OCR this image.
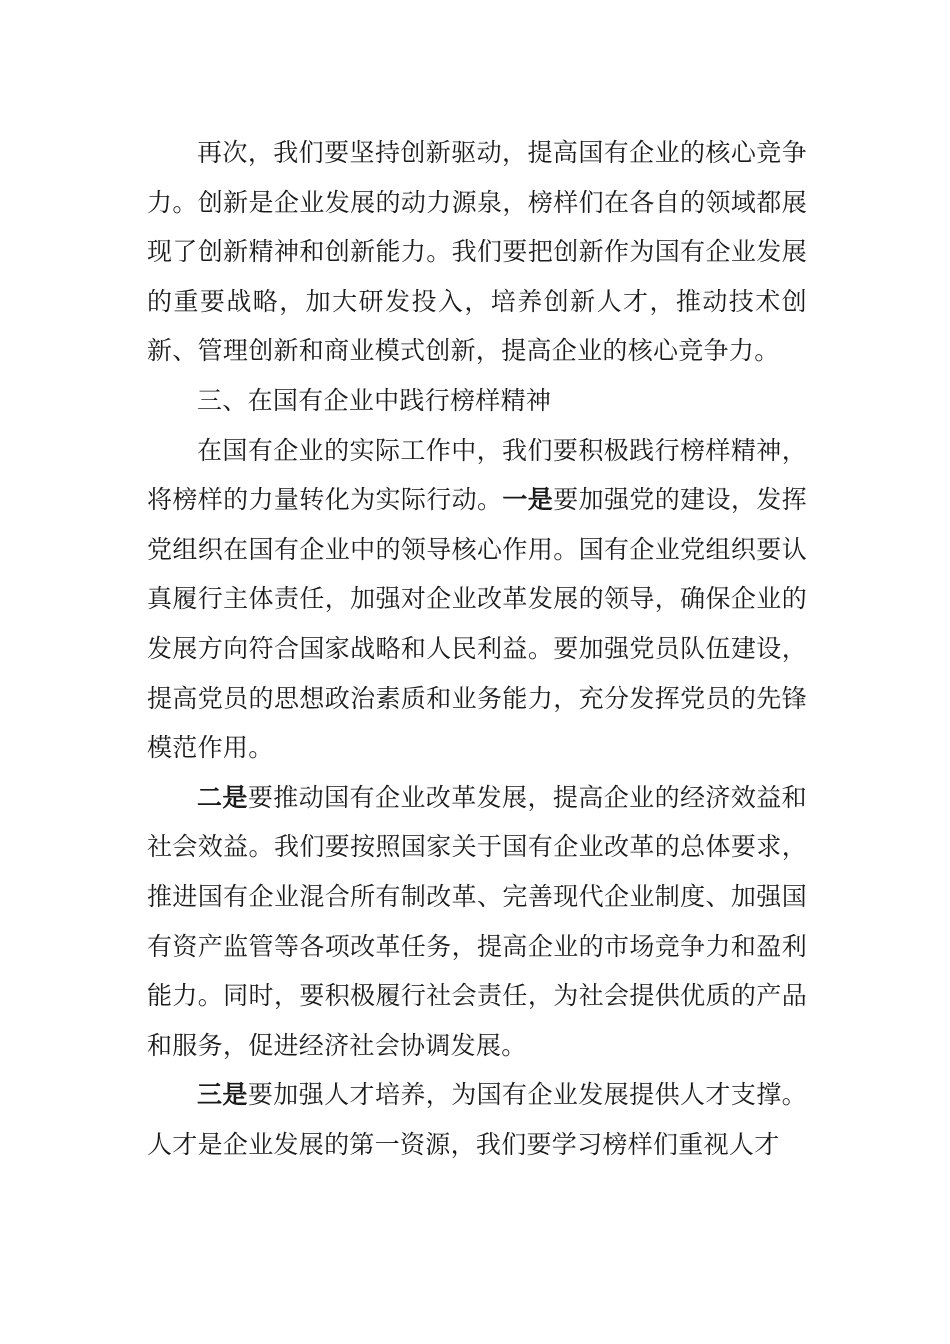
再次，我们要坚持创新驱动，提高国有企业的核心竞争力。创新是企业发展的动力源泉，榜样们在各自的领域都展现了创新精神和创新能力。我们要把创新作为国有企业发展的重要战略，加大研发投入，培养创新人才，推动技术创新、管理创新和商业模式创新，提高企业的核心竞争力。

三、在国有企业中践行榜样精神

在国有企业的实际工作中，我们要积极践行榜样精神，将榜样的力量转化为实际行动。一是要加强党的建设，发挥党组织在国有企业中的领导核心作用。国有企业党组织要认真履行主体责任，加强对企业改革发展的领导，确保企业的发展方向符合国家战略和人民利益。要加强党员队伍建设，提高党员的思想政治素质和业务能力，充分发挥党员的先锋模范作用。

二是要推动国有企业改革发展，提高企业的经济效益和社会效益。我们要按照国家关于国有企业改革的总体要求，推进国有企业混合所有制改革、完善现代企业制度、加强国有资产监管等各项改革任务，提高企业的市场竞争力和盈利能力。同时，要积极履行社会责任，为社会提供优质的产品和服务，促进经济社会协调发展。

三是要加强人才培养，为国有企业发展提供人才支撑。人才是企业发展的第一资源，我们要学习榜样们重视人才
